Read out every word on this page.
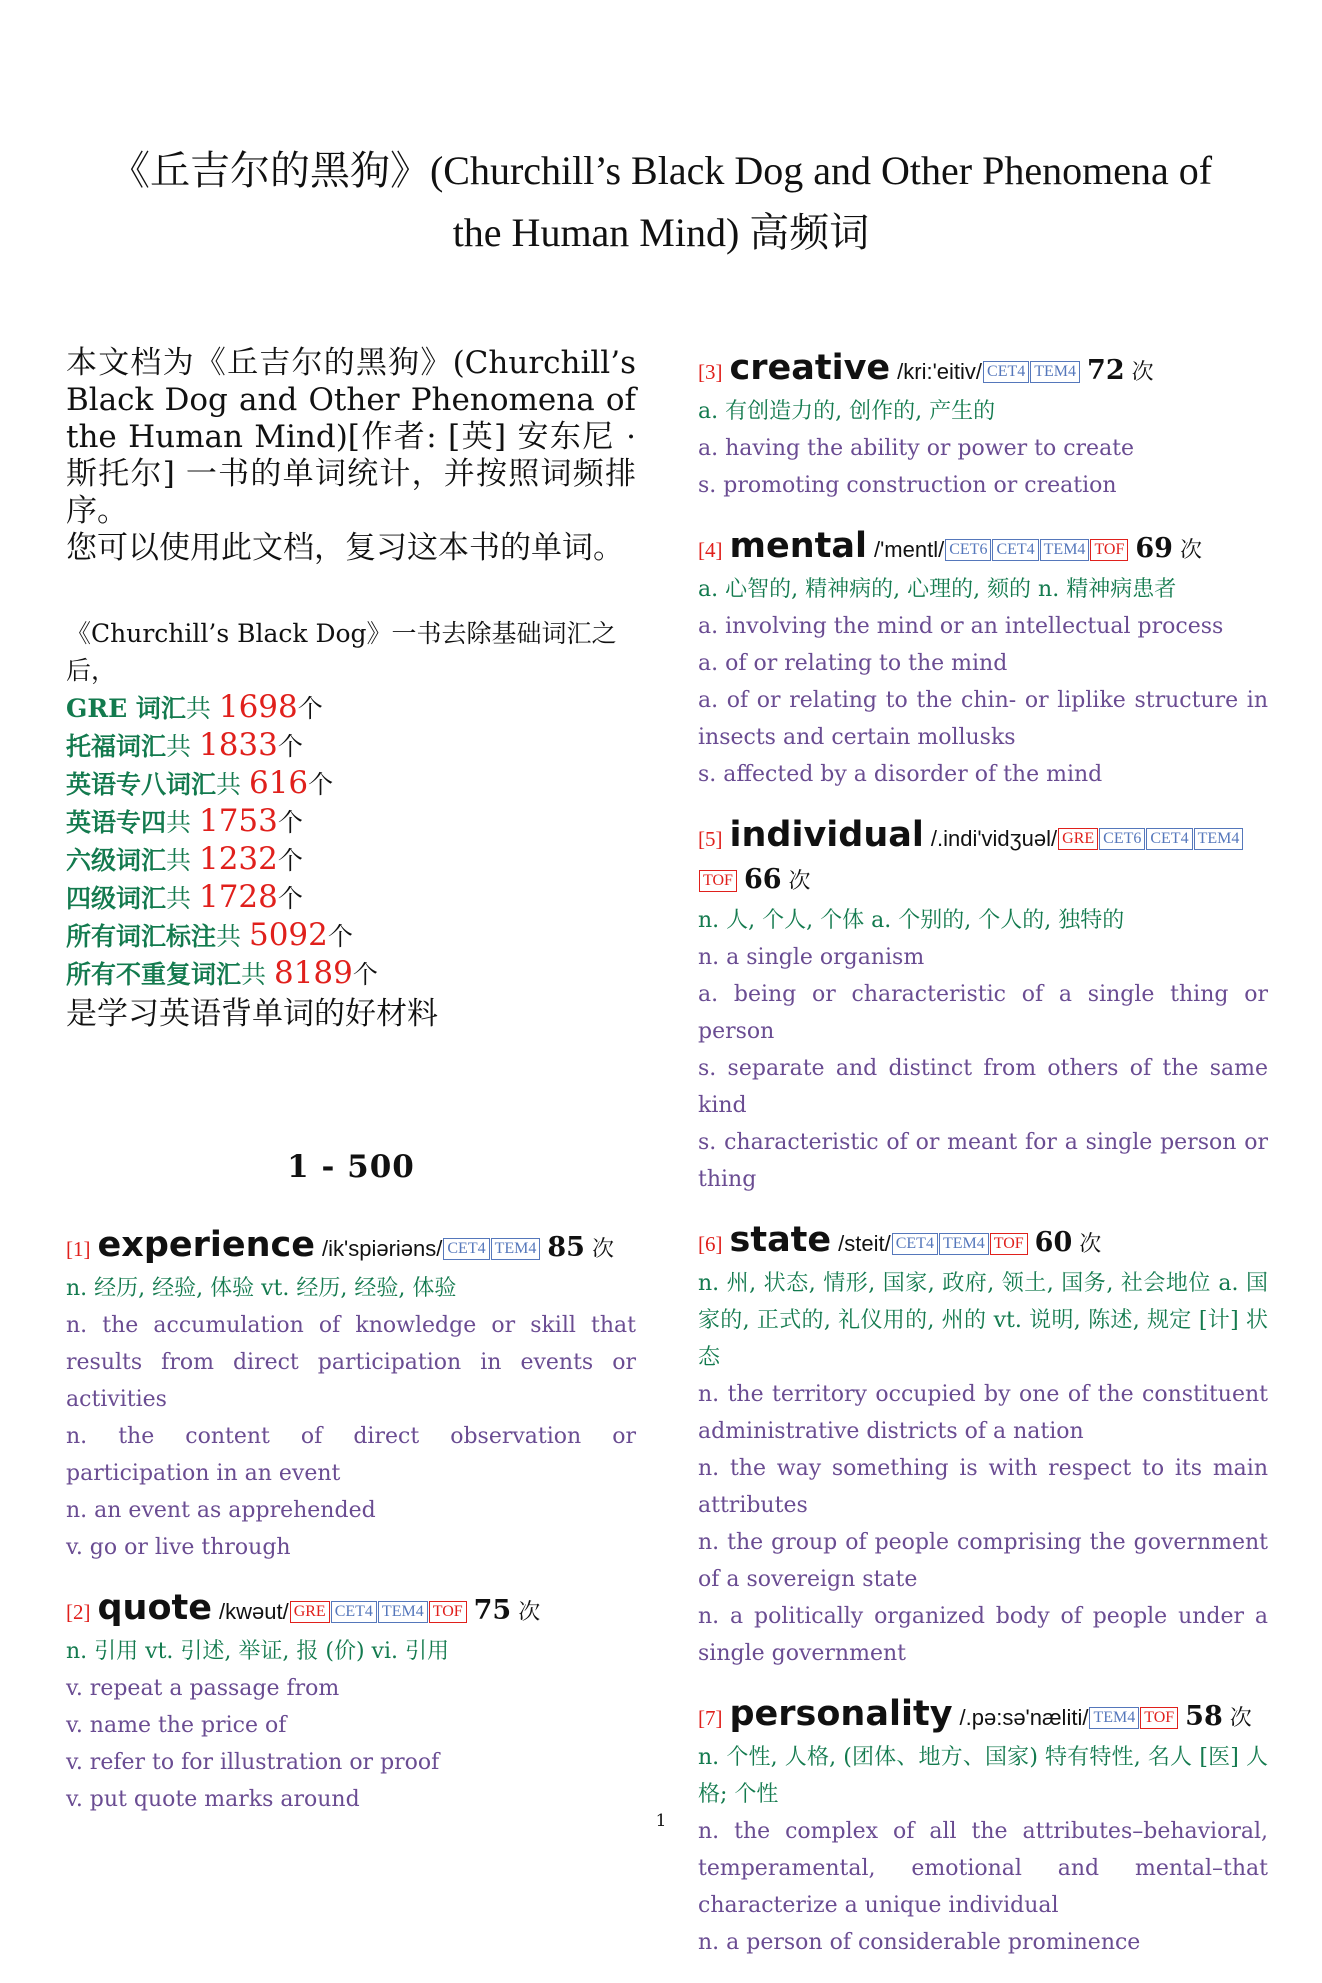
《丘吉尔的黑狗》(Churchill’s Black Dog and Other Phenomena of
the Human Mind) 高频词

本文档为《丘吉尔的黑狗》(Churchill’s Black Dog and Other Phenomena of the Human Mind)[作者: [英] 安东尼 · 斯托尔] 一书的单词统计，并按照词频排序。

您可以使用此文档，复习这本书的单词。

《Churchill’s Black Dog》一书去除基础词汇之后，
GRE 词汇共 1698个
托福词汇共 1833个
英语专八词汇共 616个
英语专四共 1753个
六级词汇共 1232个
四级词汇共 1728个
所有词汇标注共 5092个
所有不重复词汇共 8189个
是学习英语背单词的好材料
1 - 500
[1] experience /ik'spiəriəns/ CET4 TEM4 85 次

n. 经历, 经验, 体验 vt. 经历, 经验, 体验

n. the accumulation of knowledge or skill that results from direct participation in events or activities

n. the content of direct observation or participation in an event

n. an event as apprehended

v. go or live through

[2] quote /kwəut/ GRE CET4 TEM4 TOF 75 次

n. 引用 vt. 引述, 举证, 报 (价) vi. 引用

v. repeat a passage from

v. name the price of

v. refer to for illustration or proof

v. put quote marks around

[3] creative /kri:'eitiv/ CET4 TEM4 72 次

a. 有创造力的, 创作的, 产生的

a. having the ability or power to create

s. promoting construction or creation

[4] mental /'mentl/ CET6 CET4 TEM4 TOF 69 次

a. 心智的, 精神病的, 心理的, 颏的 n. 精神病患者

a. involving the mind or an intellectual process

a. of or relating to the mind

a. of or relating to the chin- or liplike structure in insects and certain mollusks

s. affected by a disorder of the mind

[5] individual /.indi'vidʒuəl/ GRE CET6 CET4 TEM4TOF 66 次

n. 人, 个人, 个体 a. 个别的, 个人的, 独特的

n. a single organism

a. being or characteristic of a single thing or person

s. separate and distinct from others of the same kind

s. characteristic of or meant for a single person or thing

[6] state /steit/ CET4 TEM4 TOF 60 次

n. 州, 状态, 情形, 国家, 政府, 领土, 国务, 社会地位 a. 国家的, 正式的, 礼仪用的, 州的 vt. 说明, 陈述, 规定 [计] 状态

n. the territory occupied by one of the constituent administrative districts of a nation

n. the way something is with respect to its main attributes

n. the group of people comprising the government of a sovereign state

n. a politically organized body of people under a single government

[7] personality /.pə:sə'næliti/ TEM4 TOF 58 次

n. 个性, 人格, (团体、地方、国家) 特有特性, 名人 [医] 人格; 个性

n. the complex of all the attributes–behavioral, temperamental, emotional and mental–that characterize a unique individual

n. a person of considerable prominence

1
